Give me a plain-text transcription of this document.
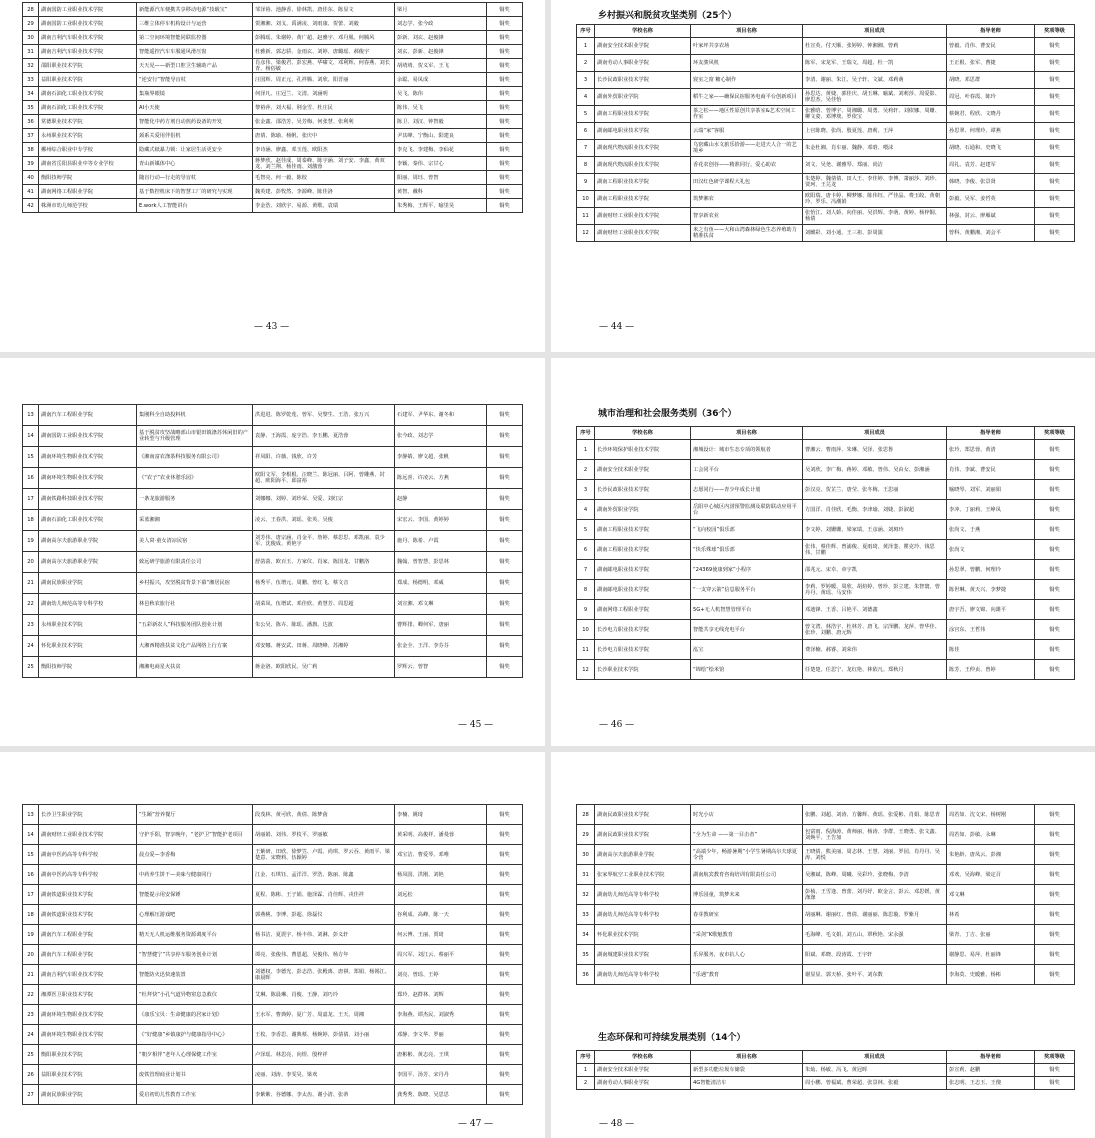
28	湖南国防工业职业技术学院	新能源汽车便携共享移动电源“技载宝”	邹泽裕、池静香、徐林凯、唐佳东、陈显文	梁月	铜奖
29	湖南国防工业职业技术学院	三维立体停车机构设计与运营	贺湘湘、刘戈、禹满凌、刘雨康、贺蕾、刘毅	刘志学、张今政	铜奖
30	湖南吉利汽车职业技术学院	第二空间环境智能同联监控器	彭腾瑶、朱谢婷、黄广超、赵雅宇、邓丹凰、何腾风	彭新、刘玄、赵俊锋	铜奖
31	湖南吉利汽车职业技术学院	智能遥控汽车车服通风滑压窗	杜雅新、郭志骄、金雨玄、刘婷、唐璐瑶、郝俊宇	刘玄、彭新、赵俊锋	铜奖
32	邵阳职业技术学院	天天见——新型口腔卫生辅助产品	肖彦伟、梁俊君、彭宏燕、华啸文、邓利辉、何春燕、刘长青、杨俗敏	胡靖靖、贺义军、王飞	铜奖
33	益阳职业技术学院	“逆安行”智能导盲杖	汪国辉、周正元、孔祥腾、刘欣、阳晋丽	余聪、易凤成	铜奖
34	湖南石油化工职业技术学院	集瓶界眼镜	何泽凡、庄冠兰、文清、刘涵明	吴飞、陈伟	铜奖
35	湖南石油化工职业技术学院	AI小天使	黎裕萍、刘大福、荆金雪、杜庄民	陈伟、吴飞	铜奖
36	常德职业技术学院	智能化中药方剂自动煎药设备的开发	张金鑫、邵浩芳、吴芳梅、何张慧、张利利	陈卫、刘汉、钟智毅	铜奖
37	永州职业技术学院	颈系关爱用伴侣机	唐倩、陈瑜、杨帆、张庆中	尹其峰、宁衡山、阳建良	铜奖
38	郴州综合职业中专学校	隐藏式纸暴力锁：让家居生活更安全	李诗涵、廖鑫、邓玉莲、欧阳杰	李克飞、李建梅、李仙花	铜奖
39	湖南省岳阳县职业中等专业学校	青山新媒体中心	蒋梦欣、赵佳成、周泰峰、陈宇涵、刘子安、李鑫、黄双龙、刘兰翔、杨佳雨、刘激蓉	李颖、秦伟、宗甘心	铜奖
40	衡阳技师学院	随盲行动—行走的导盲杖	毛智亮、何一毅、陈校	阳丽、周珏、曾智	铜奖
41	湖南网络工程职业学院	基于数控机床下的智慧工厂的研究与实现	魏英建、彭牧然、李源峰、陈佳洛	黄智、戴科	铜奖
42	株洲市幼儿师范学校	E.work人工智能讲台	李金浩、刘欣宇、易源、黄歌、袁瑞	朱秀梅、王辉平、喻里昊	铜奖
— 43 —
乡村振兴和脱贫攻坚类别（25个）
序号	学校名称	项目名称	项目成员	指导老师	奖项等级
1	湖南安全技术职业学院	叶家坪共享农场	杜宣英、付天顺、张婷婷、钟湘湘、曾莉	曾毅、肖伟、曹安民	铜奖
2	湖南劳动人事职业学院	环友骏风机	陈军、宋龙军、王瑞文、周超、杜一凯	王正根、张军、曹捷	铜奖
3	长沙民政职业技术学院	寝室之窗 糖心制作	李清、谢丽、朱江、吴子轩、文斌、邓莉萌	胡晓、邓思群	铜奖
4	湖南外贸职业学院	稻牛之家——确保民宿服务电商平台创新项目	孙思达、黄婕、郭佳庆、胡玉琳、喻斌、刘莉莎、周爱影、廖思杰、吴佳怡	周冠、叶春霞、陈玲	铜奖
5	湖南工程职业技术学院	茶之松——地区性原创共享茶室&艺术空间工作室	张雅晗、曾博宇、周湘璐、周勇、吴莉轩、刘依娜、周姗、柳文姿、邓博琰、罗依宝	蔡婉君、程欣、文晓丹	铜奖
6	湖南邮电职业技术学院	云端“家”客服	上官陈晓、张尚、殷夏莲、唐莉、王萍	孙思翠、何理玲、谭燕	铜奖
7	湖南现代物流职业技术学院	乌密藏山水文旅乐拾游——走进天人合一的艺境乡	朱金杜湘、肖车丽、魏静、邓晗、喂沫	胡晓、石通和、史晓飞	铜奖
8	湖南现代物流职业技术学院	香花农创谷——精准同行，爱心助农	刘文、吴尧、谢雅琴、郑丽、尚洁	周礼、袁芳、赵建军	铜奖
9	湖南工程职业技术学院	田汉红色研学课程大礼包	朱楚婷、魏倩倩、田人王、李佳婷、李博、萧丽莎、刘珍、贾珂、王芫龙	韩晓、李俊、张景贤	铜奖
10	湖南工程职业技术学院	筑梦湘农	欧阳瑞、唐卡婷、柳梦娜、陈伟钰、严佳晶、费玉皎、黄朝玲、罗乐、冯潮娟	彭毅、吴军、姜哲英	铜奖
11	湖南财经工业职业技术学院	智享新农业	张怡江、刘人娇、向佳丽、吴洪辉、李萌、黄婷、杨梓铜、杨倩	林强、封云、廖雁斌	铜奖
12	湖南财经工业职业技术学院	米之有鱼——大和山湾森林绿色生态养殖助力精准扶贫	刘麒彩、刘小通、王三祖、彭周演	曾科、黄鹏湘、刘会平	铜奖
— 44 —
13	湖南汽车工程职业学院	集刚科全自助投料机	洪进进、陈罗乾莲、曾军、吴黎生、王浩、张万兴	石建军、尹华东、谢冬和	铜奖
14	湖南国防工业职业技术学院	基于脱贫攻坚战略部山市银田镇涤苏休闲旧的产业转型与升级管理	袁静、王海霞、庞宇浩、李玉鹏、夏浩蓉	张今政、刘志学	铜奖
15	湖南环境生物职业技术学院	《湘南富农涤茶科技服务有限公司》	祥凤阳、许薇、钱欣、许芳	李静婧、廖文超、张帆	铜奖
16	湖南环境生物职业技术学院	《“农子”农业休憩乐园》	欧阳文军、李根根、汪晓兰、陈冠丽、吕阿、曾雕燕、封超、欧阳海平、邱富裕	陈远喜、许凌云、方燕	铜奖
17	湖南铁路科技职业技术学院	一条龙旅游服务	刘娜娜、刘婷、刘珍荣、吴爱、刘红宗	赵静	铜奖
18	湖南石油化工职业技术学院	采蓝湘湘	凌云、王春洪、刘瑶、张英、吴俊	宋宏云、李国、黄婷婷	铜奖
19	湖南高尔夫旅游职业学院	美人窝·童女清凉民宿	刘芳伟、唐宗涵、肖金平、詹婷、蔡思思、邓凯丽、袁少军、沈俊成、黄艳宇	施丹、陈希、卢霞	铜奖
20	湖南高尔夫旅游职业学院	致远研学旅游有限责任公司	舒菡菡、欧百玉、方家仪、肖家、陈国龙、甘鹏洛	魏翰、曾智慧、彭思林	铜奖
21	湖南民族职业学院	乡村振兴，攻坚脱贫背景下幕“湘居民宿	杨秀平、伍增元、周鹏、曾红飞、蔡文音	郑成、杨德明、邓威	铜奖
22	湖南幼儿师范高等专科学校	林邑秋农旅行社	胡菜凤、伍增试、邓佳欣、黄慧芳、周思超	刘宣湘、邓文琳	铜奖
23	永州职业技术学院	“五彩新农人”科技服务团队创业计划	朱公吴、陈卉、陈瑶、潘旗、达波	曹辉排、卿何军、唐丽	铜奖
24	怀化职业技术学院	大湘西精准扶贫文化产品网络上行方案	邓安娜、蒋安武、田蒋、周晓峰、苏湘婷	张金全、王洋、李芬芬	铜奖
25	衡阳技师学院	湘湘电商星火扶贫	蒋金洛、欧阳欣民、吴广莉	罗辉云、曾智	铜奖
— 45 —
城市治理和社会服务类别（36个）
序号	学校名称	项目名称	项目成员	指导老师	奖项等级
1	长沙环境保护职业技术学院	湘城设计：城市生态专项的领航者	曹湘云、曹雨萍、朱琳、吴泽、张思鲁	张玲、郑思蓉、黄清	铜奖
2	湖南安全技术职业学院	工会同平台	吴刘欣、李广梅、蒋婷、邓敏、曾伟、吴由女、彭湘涵	肖伟、李斌、曹安民	铜奖
3	长沙民政职业技术学院	志愿同行——青少年成长计划	彭汉亮、贺芷兰、唐莹、张冬梅、王思丽	喻晓琴、刘军、刘丽娟	铜奖
4	湖南外贸职业学院	岳阳中心城区内涝预警监测及联防联动应用平台	方国洋、肖佳欣、毛衡、李津瑜、刘婕、彭淑超	李冲、丁丽莉、王峥凤	铜奖
5	湖南工程职业技术学院	“飞向校园”俱乐部	李文婷、刘姗姗、梁家瑞、王彦涵、刘斑玲	张尚文、于燕	铜奖
6	湖南工程职业技术学院	“快乐殊球”俱乐部	张伟、蔡佳辉、曾浦俊、夏雨琦、黄泽銮、瞿克玲、钱思伟、甘鹏	张尚文	铜奖
7	湖南邮电职业技术学院	“24369使康到家”小程序	邵兆元、宋卓、章宇凯	孙思翠、曾鹏、何理玲	铜奖
8	湖南邮电职业技术学院	“一支穿云箭”信息服务平台	李莉、罗婷暖、周欣、胡煊婷、曾珍、彭立建、朱智寰、曾丹丹、黄瑶、马安伟	陈世琳、黄天兴、李梦捷	铜奖
9	湖南网络工程职业学院	5G+无人机智慧管理平台	邓迪锋、王香、吕艳平、刘德鑫	唐宇吾、廖文锦、向雄平	铜奖
10	长沙电力职业技术学院	智能共享无线充电平台	曾文湾、林浩宇、杜林芳、唐飞、宗泽鹏、龙萍、曾华佳、张珍、刘鹏、唐元辉	涂宫东、王哲伟	铜奖
11	长沙电力职业技术学院	泓宝	费泽楠、郝睿、刘荣伟	陈佳	铜奖
12	长沙职业技术学院	“锦绘”绘米馆	任楚楚、任思宁、龙红艳、林依凡、郑秋月	陈芳、王仲贞、曾婷	铜奖
— 46 —
13	长沙卫生职业学院	“生颐”营养餐厅	段茂林、黄可欣、黄倩、陈梦茵	李楠、姚琦	铜奖
14	湖南财经工业职业技术学院	守护手阳，智享晚年，“老护卫”智能护老项目	胡丽娟、刘伟、罗枚平、罗丽敏	黄采明、高俊祥、潘曼蓉	铜奖
15	湖南中医药高等专科学校	晨点爱—李香梅	王紫研、田欣、徐梦笠、卢霞、尚琪、罗云吞、黄雨平、梁楚意、宋晓莉、伍颖婷	邓宝洁、曹爱琴、邓唯	铜奖
16	湖南中医药高等专科学校	中药养生饼干—美味与健康同行	江金、石琪钰、孟洋洋、罗浩、陈丽、陈鑫	杨凤国、洪刚、刘艳	铜奖
17	湖南铁道职业技术学院	智能提示用安保锤	夏程、陈彬、王子娟、施泽霖、肖佳辉、戎佳祥	刘远松	铜奖
18	湖南铁道职业技术学院	心理解压游戏吧	郭燕桃、李博、彭超、徐磊仪	谷利成、高峰、陈一天	铜奖
19	湖南汽车工程职业学院	精天无人机运维服务资源调度平台	杨书洁、夏震宇、杨丰伟、刘淋、彭义轩	何云博、王丽、贾琦	铜奖
20	湖南汽车工程职业学院	“智慧健宁”共享停车服务创业计划	谭亮、张俊伟、曹恩超、吴俊伟、杨方年	周兴军、刘江云、蔡丽平	铜奖
21	湖南吉利汽车职业技术学院	智能防火迅快速装置	刘德权、李德光、彭志浩、张殿离、唐祺、郑娟、杨锡江、康晨晖	刘亮、曾瑶、王婷	铜奖
22	湘潭医卫职业技术学院	“杜拜快”小孔气道异物窒息急救仪	艾琳、陈晨琳、肖俊、王静、刘巧玲	郑玲、赵群林、刘辉	铜奖
23	湖南环境生物职业技术学院	《康乐宝贝：生命健康的居家计划》	王水军、曹典婷、夏广芳、周嘉龙、王天、周湘	李海燕、谭杰民、刘淑秀	铜奖
24	湖南环境生物职业技术学院	《“好健康”乡镇康护与健康指导中心》	王枚、李香思、谢典蔡、杨婉婷、彭倩倩、刘小丽	邓静、李文华、罗丽	铜奖
25	衡阳职业技术学院	“朝夕相伴”老年人心理保健工作室	卢泽瑶、林思亮、向煜、殷梓祥	唐彬彬、黄志亮、王琪	铜奖
26	益阳职业技术学院	废铁管理商业计划书	凌丽、刘涛、李雯昊、梁欢	李国平、汤芳、宋丹丹	铜奖
27	湖南民族职业学院	爱启初幼儿性教育工作室	李紫紫、谷德娜、李太齿、谢小清、张蒂	龚秀秀、陈晓、吴思思	铜奖
— 47 —
28	湖南民政职业技术学院	时光小店	张鹏、刘超、刘涛、方馨辉、黄瑶、张爱彬、肖娟、陈思青	周若如、沈文宋、杨树刚	铜奖
29	湖南民政职业技术学院	“全为生命 ——第一目击者”	包富雨、倪海涛、黄师丽、杨涛、李群、王晓勇、张文鑫、刘焕平、王告加	周若如、彭敏、永琳	铜奖
30	湖南高尔夫旅游职业学院	“高端少年，畅游暑期”小学生暑期高尔夫球夏令营	王晓倩、熊美丽、周志林、王慧、刘丽、罗园、肖丹丹、吴涛、刘悦	朱艳龄、唐凤云、彭湘	铜奖
31	张家界航空工业职业技术学院	湖南航宾教育咨询培训有限责任公司	吴湘斌、陈峰、周曦、吴彩玲、张晓梅、李清	邓欢、吴海峰、梁定召	铜奖
32	湖南幼儿师范高等专科学校	博乐园童，筑梦未来	彭桢、王雪逢、曾蕾、刘丹妤、欧金言、彭云、邓思媛、黄涤涤	邓文琳	铜奖
33	湖南幼儿师范高等专科学校	春芽教研室	胡丽琳、谢丽红、曾倩、谢丽丽、陈思璇、罗紫月	林希	铜奖
34	怀化职业技术学院	“采剑”K歌魁教育	毛海峰、毛文娟、刘五山、覃秋艳、宋永强	梁青、丁吉、张丽	铜奖
35	湖南城建职业技术学院	乐昇服务，夜市抗人心	阳斌、邓晓、段涛霞、王宇轩	谢静思、易萍、杜丽锋	铜奖
36	湖南幼儿师范高等专科学校	“乐遇”教育	谢显显、郭天桥、张叶平、刘东数	李海莫、史暖雅、杨彬	铜奖
生态环保和可持续发展类别（14个）
序号	学校名称	项目名称	项目成员	指导老师	奖项等级
1	湖南安全技术职业学院	新型多功能垃圾车储袋	朱灿、杨敏、冯飞、黄冠晖	彭宣莉、赵鹏	铜奖
2	湖南劳动人事职业学院	4G智能清洁车	周小鹏、曾福斌、曹荣超、张景林、张毅	张志明、王志玉、王傻	铜奖
— 48 —
